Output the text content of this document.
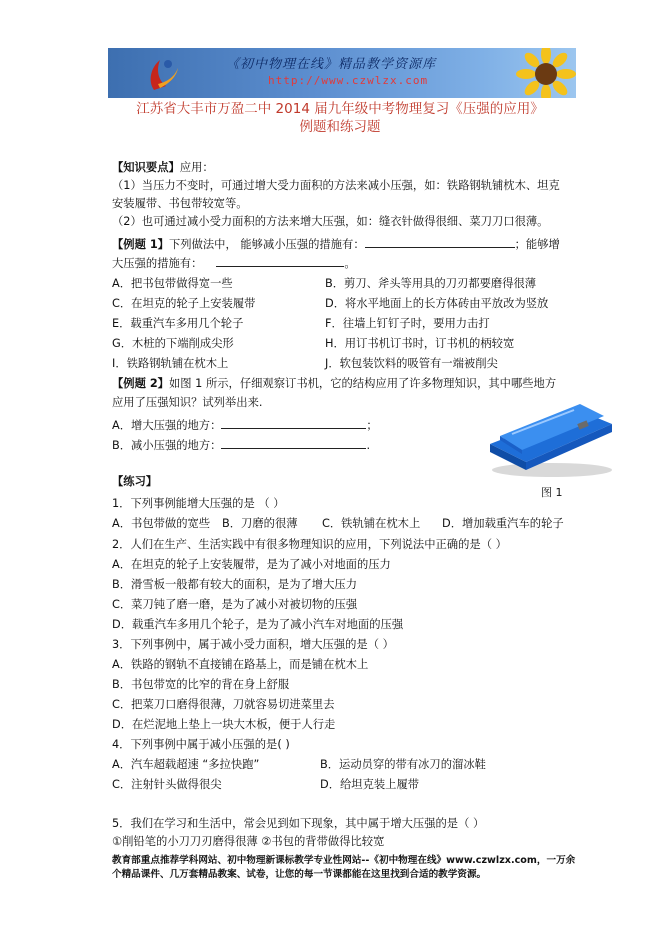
《初中物理在线》精品教学资源库
http://www.czwlzx.com
江苏省大丰市万盈二中 2014 届九年级中考物理复习《压强的应用》
例题和练习题
【知识要点】应用：
（1）当压力不变时，可通过增大受力面积的方法来减小压强，如：铁路钢轨铺枕木、坦克
安装履带、书包带较宽等。
（2）也可通过减小受力面积的方法来增大压强，如：缝衣针做得很细、菜刀刀口很薄。
【例题 1】下列做法中， 能够减小压强的措施有：	；能够增
大压强的措施有：	。
A．把书包带做得宽一些	B．剪刀、斧头等用具的刀刃都要磨得很薄
C．在坦克的轮子上安装履带	D．将水平地面上的长方体砖由平放改为竖放
E．载重汽车多用几个轮子	F．往墙上钉钉子时，要用力击打
G．木桩的下端削成尖形	H．用订书机订书时，订书机的柄较宽
I．铁路钢轨铺在枕木上	J．软包装饮料的吸管有一端被削尖
【例题 2】如图 1 所示，仔细观察订书机，它的结构应用了许多物理知识，其中哪些地方
应用了压强知识？试列举出来.
A．增大压强的地方：	；
B．减小压强的地方：	.
图 1
【练习】
1．下列事例能增大压强的是 （ ）
A．书包带做的宽些 B．刀磨的很薄 C．铁轨铺在枕木上 D．增加载重汽车的轮子
2．人们在生产、生活实践中有很多物理知识的应用，下列说法中正确的是（ ）
A．在坦克的轮子上安装履带，是为了减小对地面的压力
B．滑雪板一般都有较大的面积，是为了增大压力
C．菜刀钝了磨一磨，是为了减小对被切物的压强
D．载重汽车多用几个轮子，是为了减小汽车对地面的压强
3．下列事例中，属于减小受力面积，增大压强的是（ ）
A．铁路的钢轨不直接铺在路基上，而是铺在枕木上
B．书包带宽的比窄的背在身上舒服
C．把菜刀口磨得很薄，刀就容易切进菜里去
D．在烂泥地上垫上一块大木板，便于人行走
4．下列事例中属于减小压强的是( )
A．汽车超载超速 “多拉快跑”	B．运动员穿的带有冰刀的溜冰鞋
C．注射针头做得很尖	D．给坦克装上履带
5．我们在学习和生活中，常会见到如下现象，其中属于增大压强的是（ ）
①削铅笔的小刀刀刃磨得很薄 ②书包的背带做得比较宽
教育部重点推荐学科网站、初中物理新课标教学专业性网站--《初中物理在线》www.czwlzx.com，一万余
个精品课件、几万套精品教案、试卷，让您的每一节课都能在这里找到合适的教学资源。
